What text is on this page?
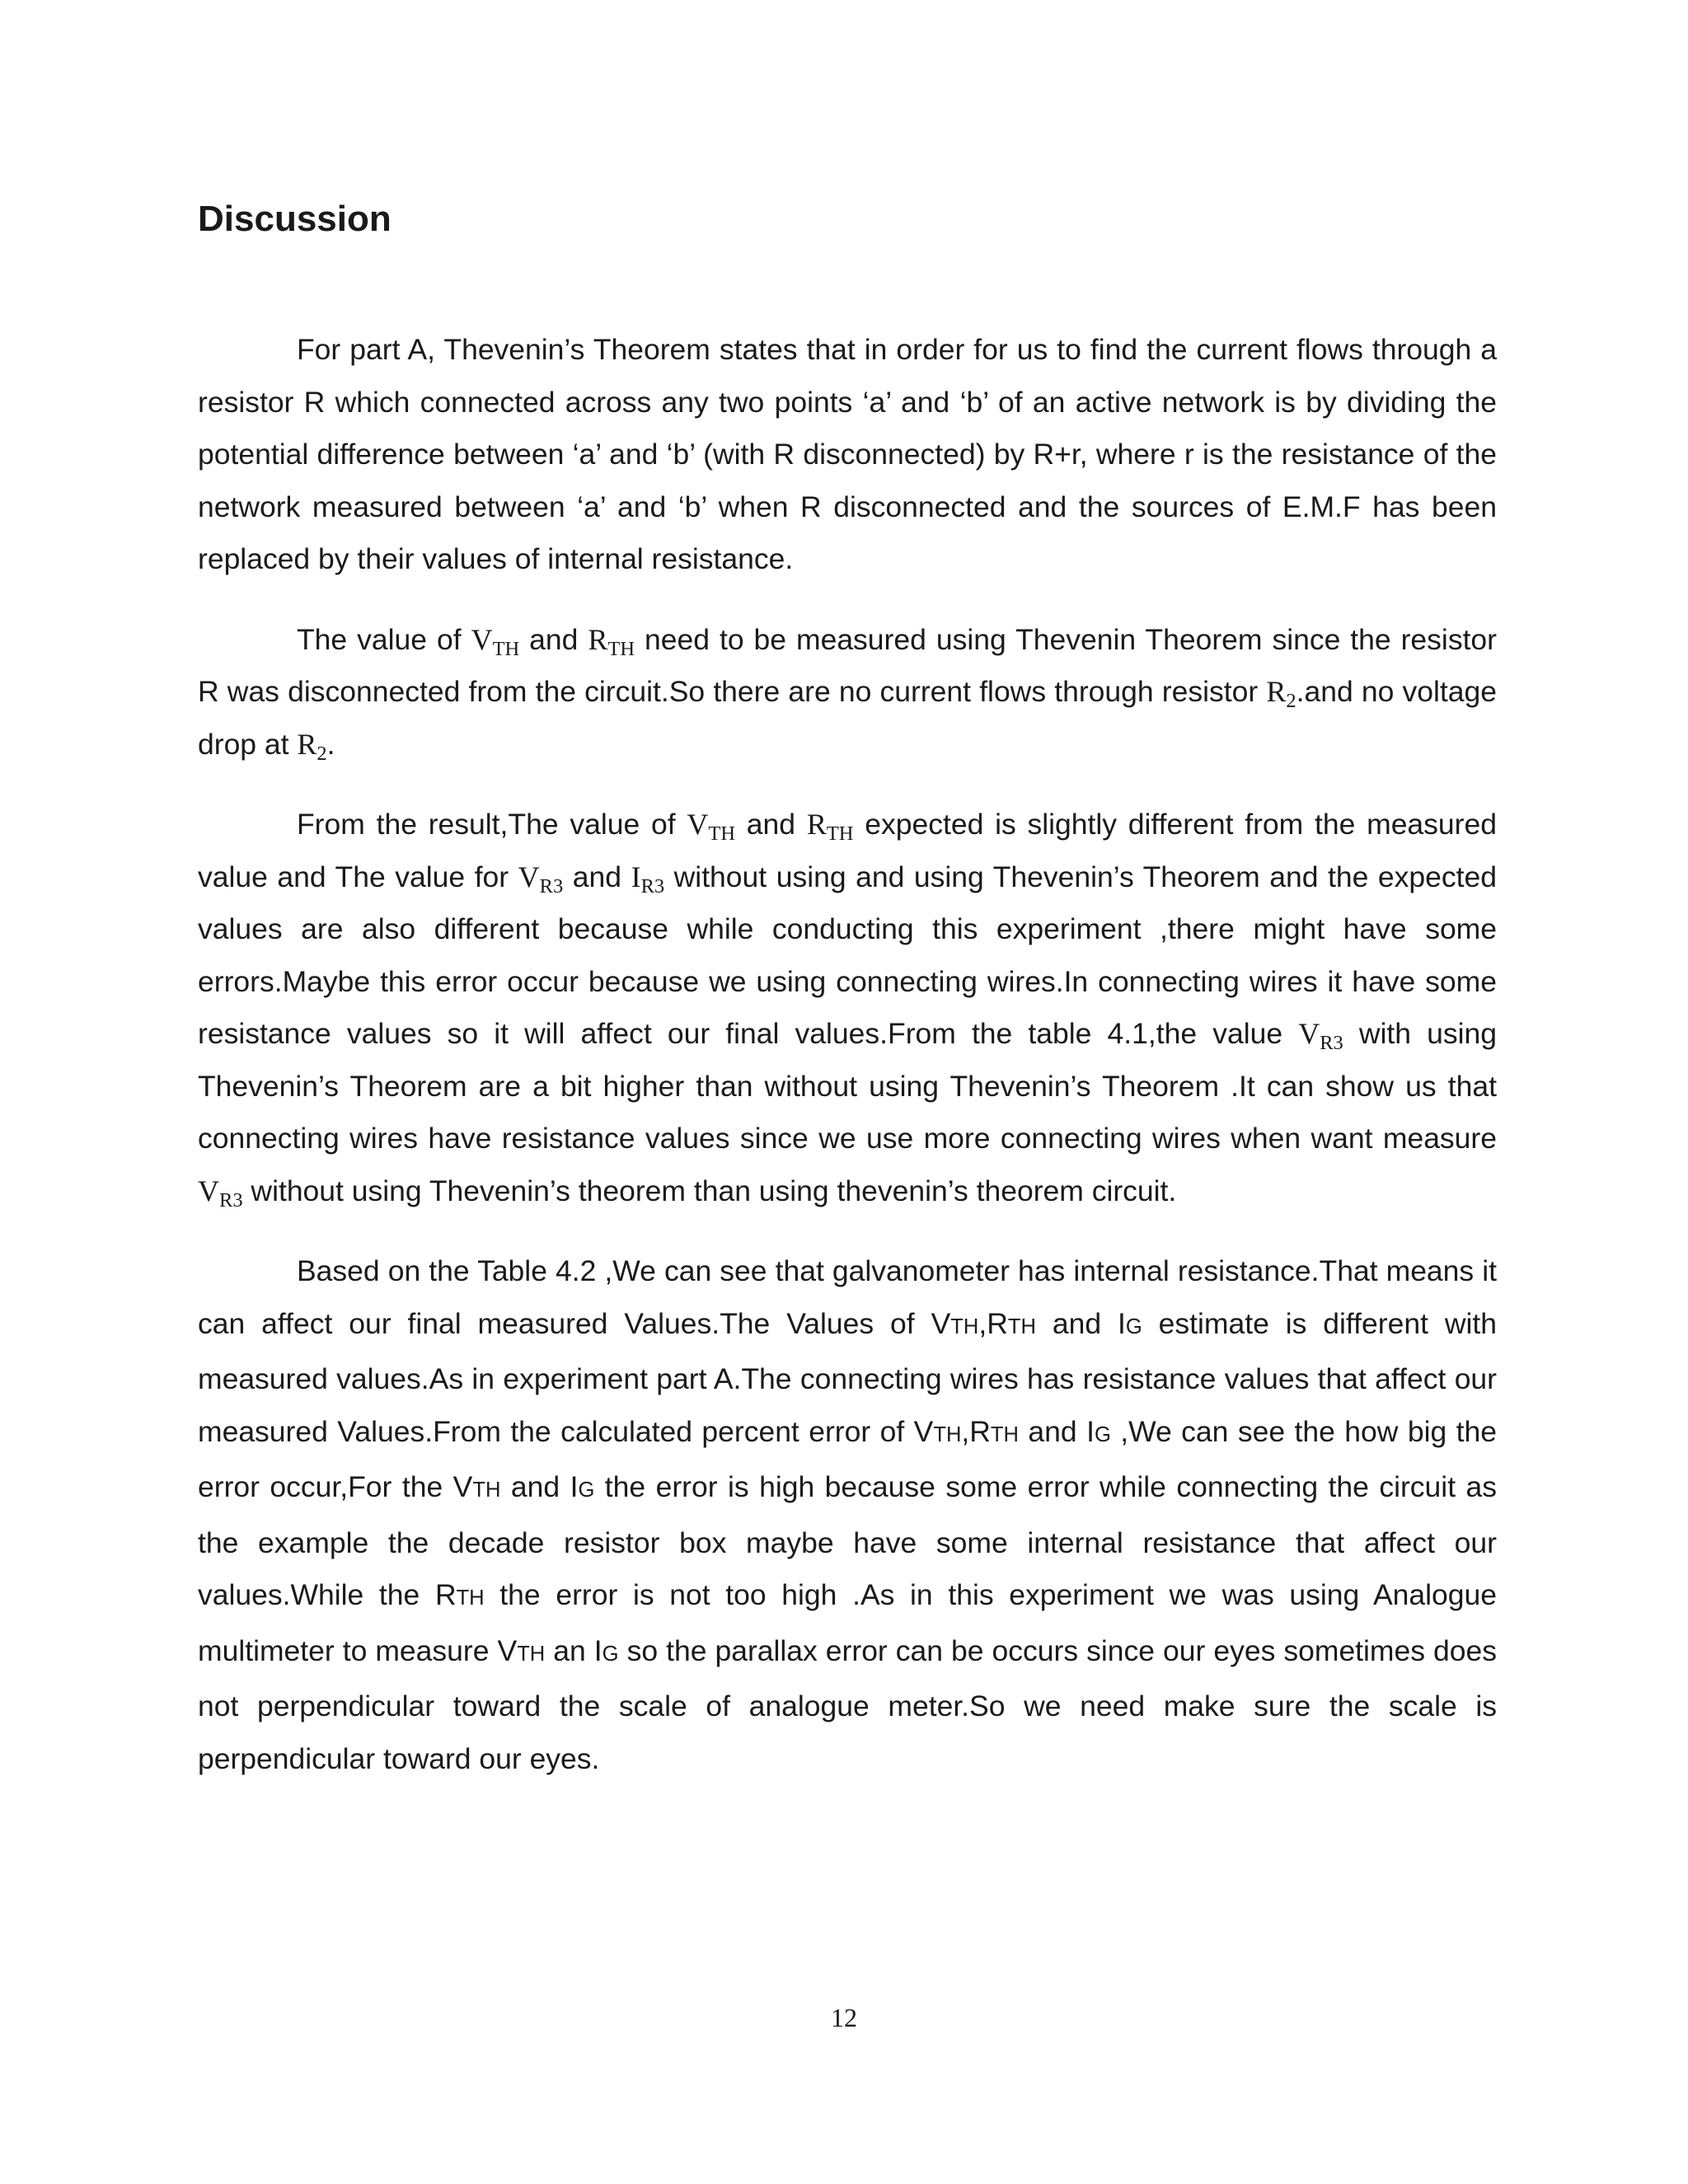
Discussion

For part A, Thevenin’s Theorem states that in order for us to find the current flows through a resistor R which connected across any two points ‘a’ and ‘b’ of an active network is by dividing the potential difference between ‘a’ and ‘b’ (with R disconnected) by R+r, where r is the resistance of the network measured between ‘a’ and ‘b’ when R disconnected and the sources of E.M.F has been replaced by their values of internal resistance.

The value of $V_{TH}$ and $R_{TH}$ need to be measured using Thevenin Theorem since the resistor R was disconnected from the circuit.So there are no current flows through resistor $R_2.and$ no voltage drop at $R_2$.

From the result,The value of $V_{TH}$ and $R_{TH}$ expected is slightly different from the measured value and The value for $V_{R3}$ and $I_{R3}$ without using and using Thevenin’s Theorem and the expected values are also different because while conducting this experiment ,there might have some errors.Maybe this error occur because we using connecting wires.In connecting wires it have some resistance values so it will affect our final values.From the table 4.1,the value $V_{R3}$ with using Thevenin’s Theorem are a bit higher than without using Thevenin’s Theorem .It can show us that connecting wires have resistance values since we use more connecting wires when want measure $V_{R3}$ without using Thevenin’s theorem than using thevenin’s theorem circuit.

Based on the Table 4.2 ,We can see that galvanometer has internal resistance.That means it can affect our final measured Values.The Values of VTH,RTH and IG estimate is different with measured values.As in experiment part A.The connecting wires has resistance values that affect our measured Values.From the calculated percent error of VTH,RTH and IG ,We can see the how big the error occur,For the VTH and IG the error is high because some error while connecting the circuit as the example the decade resistor box maybe have some internal resistance that affect our values.While the RTH the error is not too high .As in this experiment we was using Analogue multimeter to measure VTH an IG so the parallax error can be occurs since our eyes sometimes does not perpendicular toward the scale of analogue meter.So we need make sure the scale is perpendicular toward our eyes.

12
